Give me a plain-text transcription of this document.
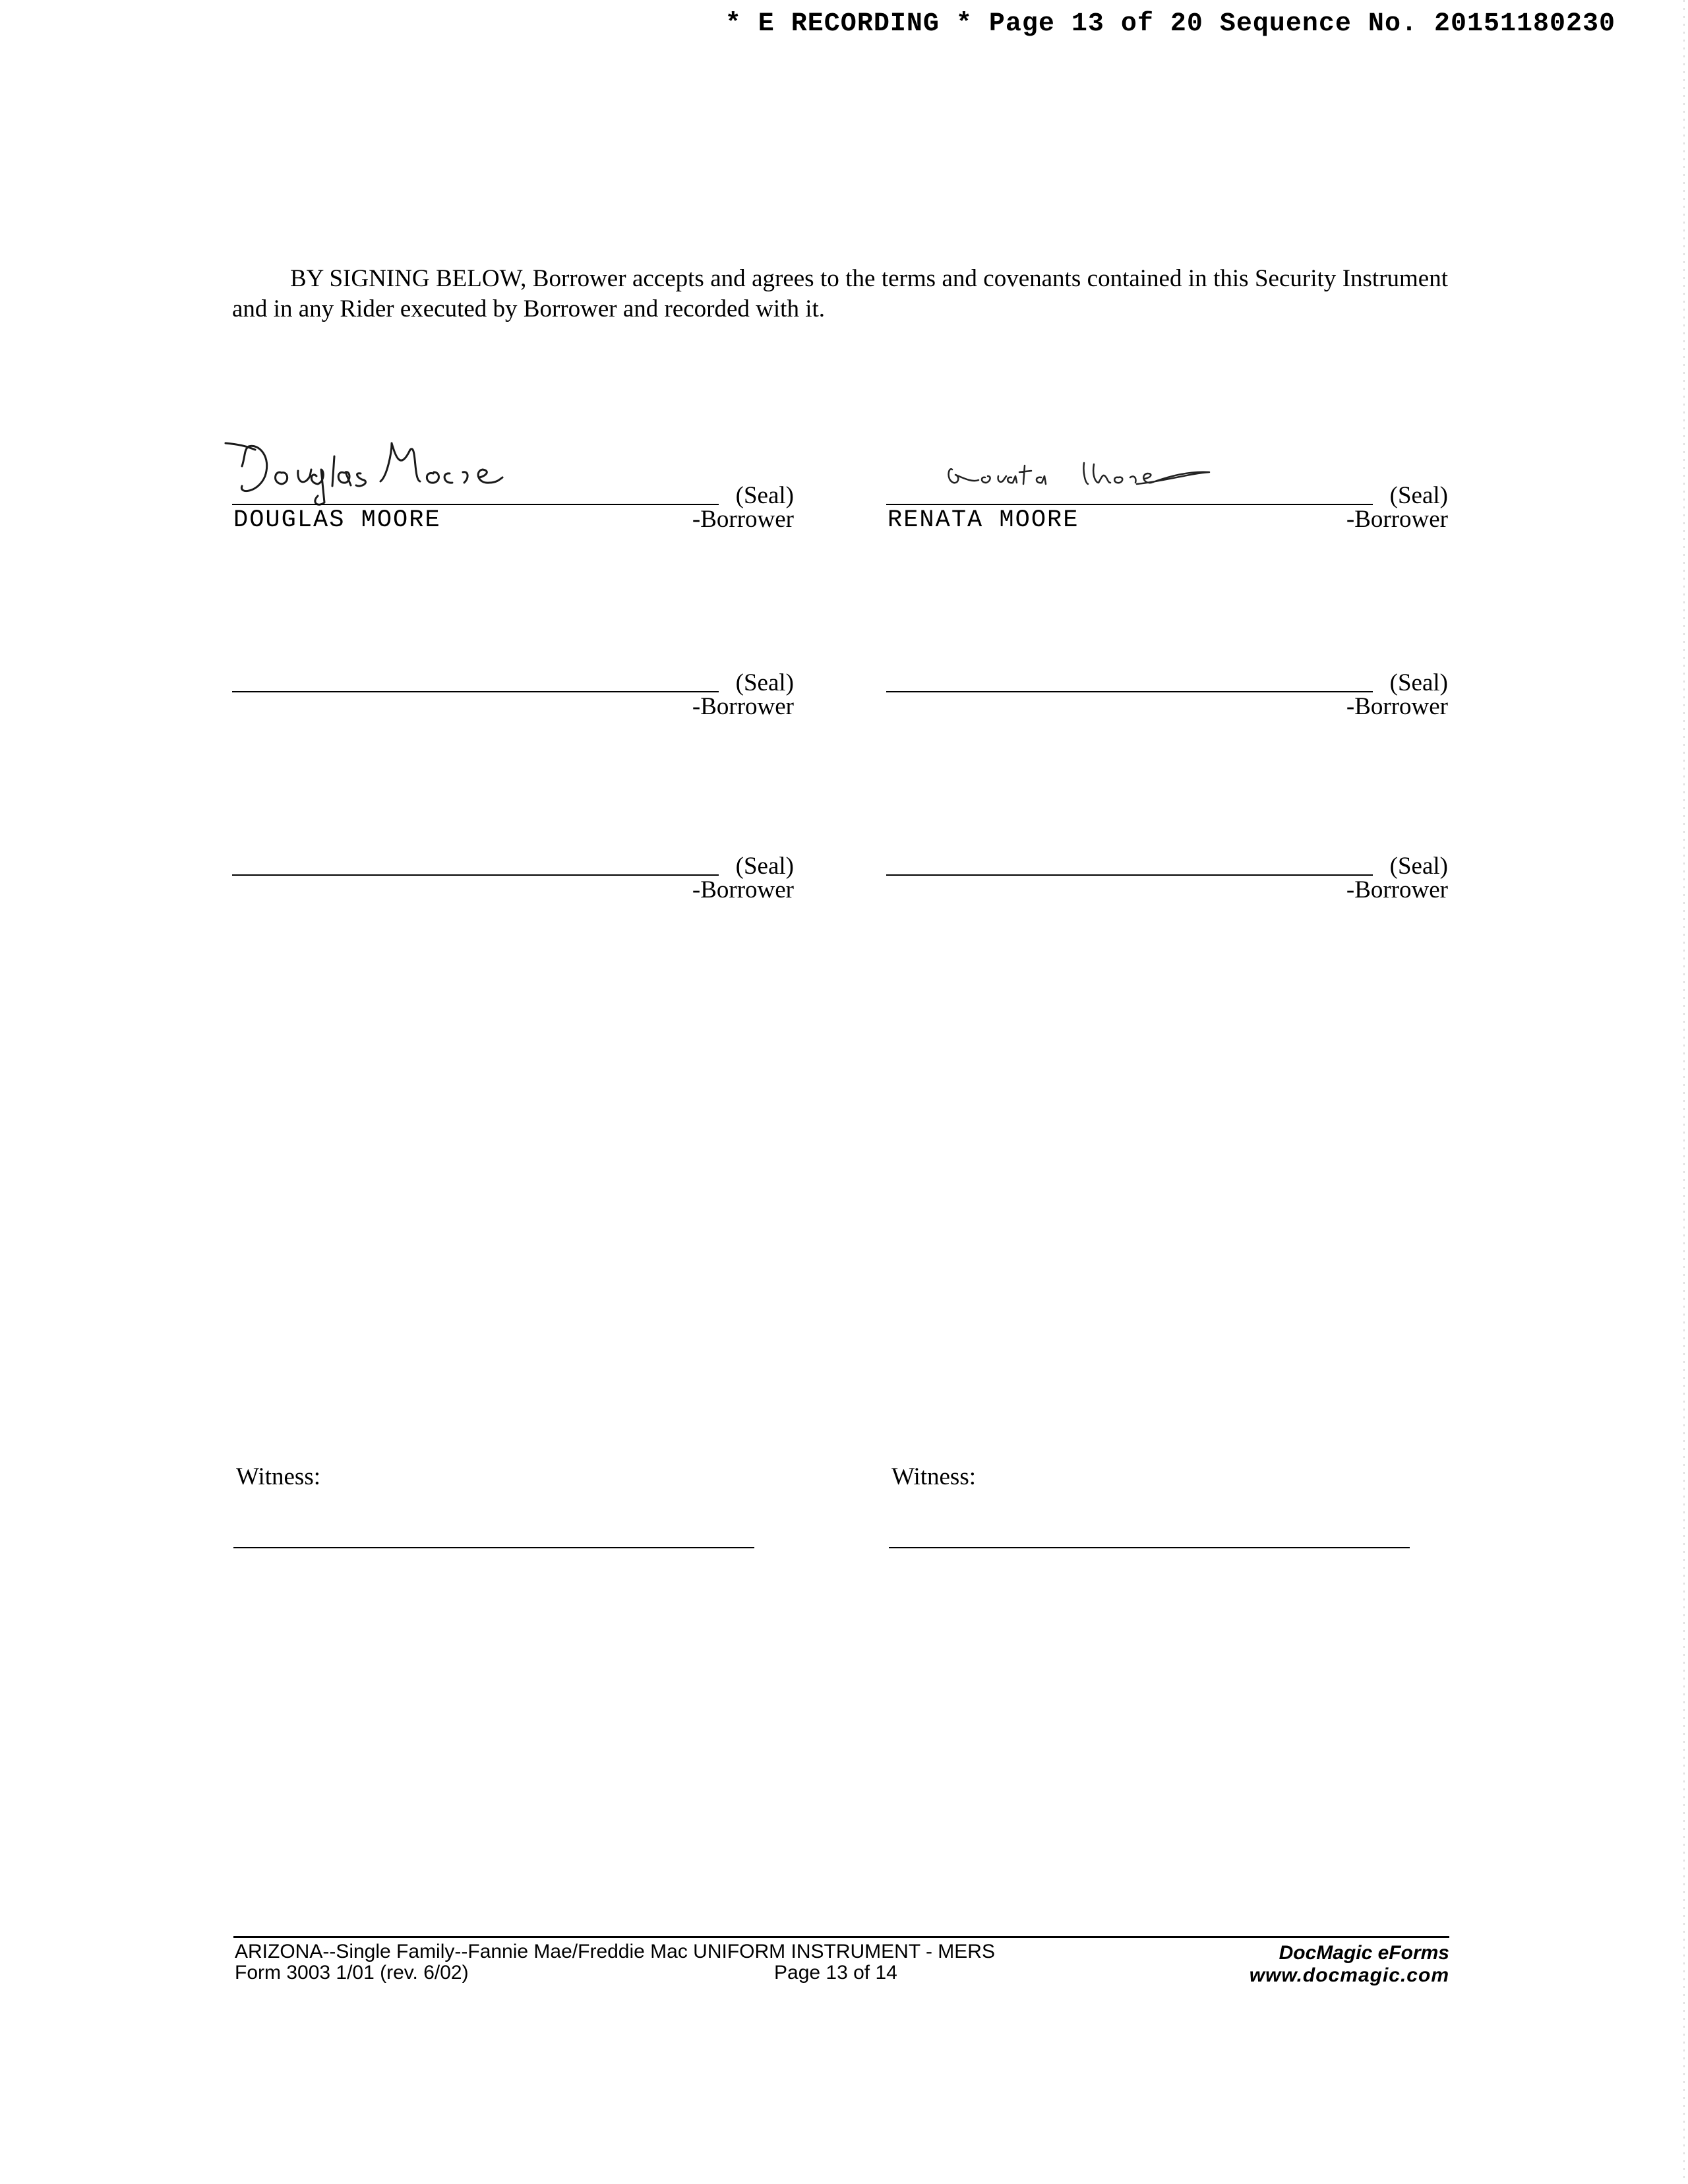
* E RECORDING * Page 13 of 20 Sequence No. 20151180230

BY SIGNING BELOW, Borrower accepts and agrees to the terms and covenants contained in this Security Instrument and in any Rider executed by Borrower and recorded with it.

(Seal)
DOUGLAS MOORE	-Borrower
(Seal)
RENATA MOORE	-Borrower
(Seal)
-Borrower
(Seal)
-Borrower
(Seal)
-Borrower
(Seal)
-Borrower
Witness:	Witness:
ARIZONA--Single Family--Fannie Mae/Freddie Mac UNIFORM INSTRUMENT - MERS
Form 3003 1/01 (rev. 6/02)	Page 13 of 14
DocMagic eForms
www.docmagic.com
